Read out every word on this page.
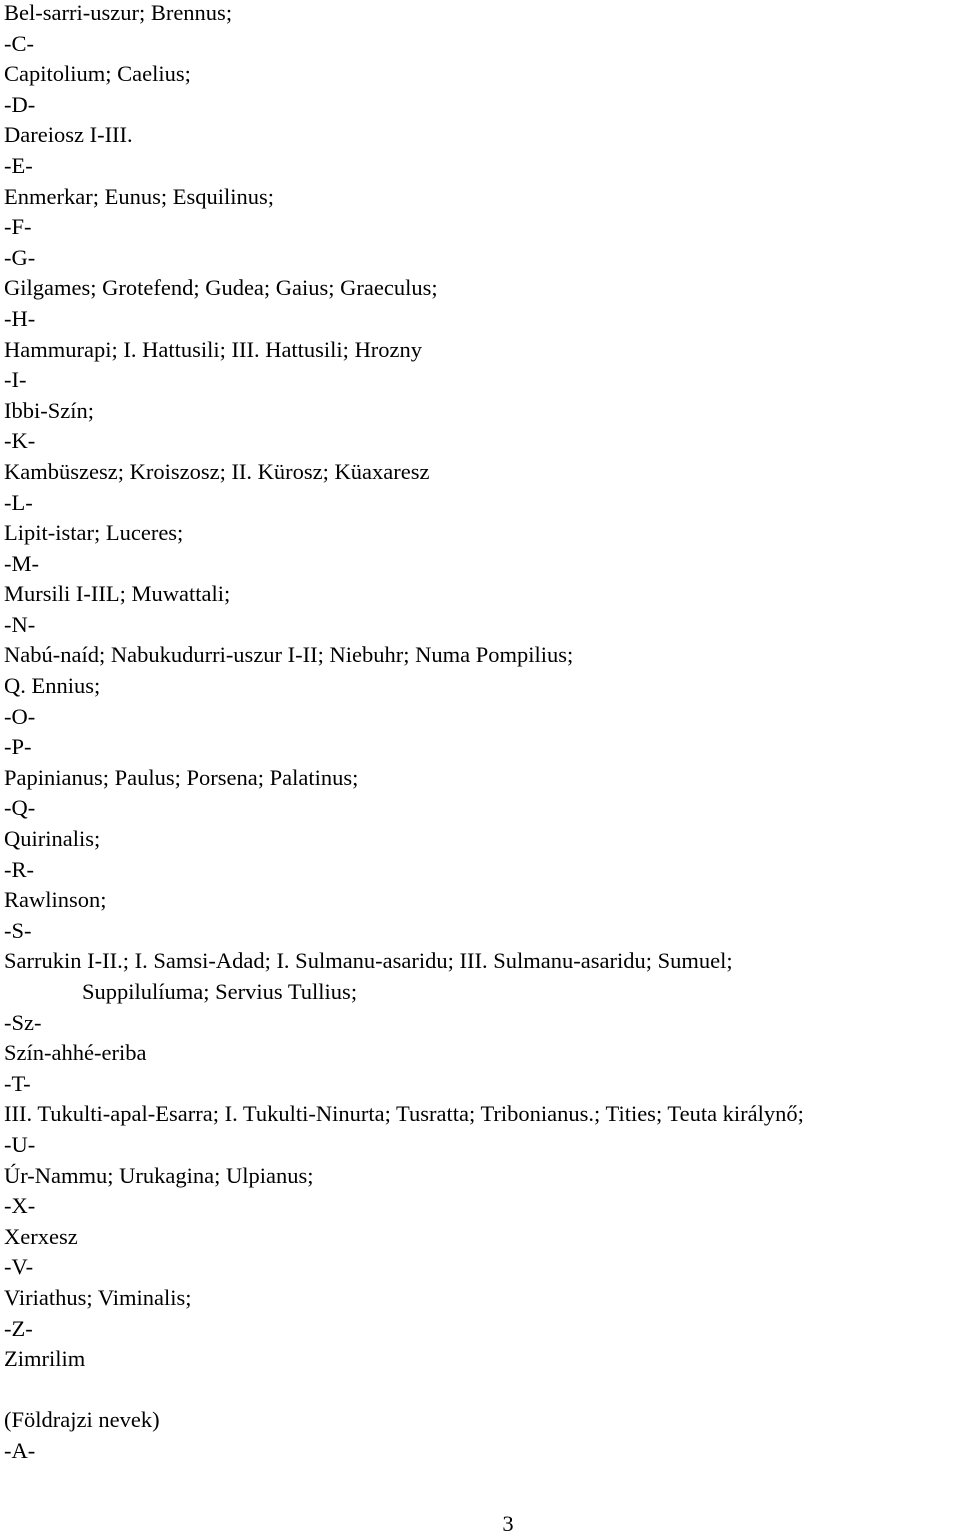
Bel-sarri-uszur; Brennus;
-C-
Capitolium; Caelius;
-D-
Dareiosz I-III.
-E-
Enmerkar; Eunus; Esquilinus;
-F-
-G-
Gilgames; Grotefend; Gudea; Gaius; Graeculus;
-H-
Hammurapi; I. Hattusili; III. Hattusili; Hrozny
-I-
Ibbi-Szín;
-K-
Kambüszesz; Kroiszosz; II. Kürosz; Küaxaresz
-L-
Lipit-istar; Luceres;
-M-
Mursili I-IIL; Muwattali;
-N-
Nabú-naíd; Nabukudurri-uszur I-II; Niebuhr; Numa Pompilius;
Q. Ennius;
-O-
-P-
Papinianus; Paulus; Porsena; Palatinus;
-Q-
Quirinalis;
-R-
Rawlinson;
-S-
Sarrukin I-II.; I. Samsi-Adad; I. Sulmanu-asaridu; III. Sulmanu-asaridu; Sumuel;
Suppilulíuma; Servius Tullius;
-Sz-
Szín-ahhé-eriba
-T-
III. Tukulti-apal-Esarra; I. Tukulti-Ninurta; Tusratta; Tribonianus.; Tities; Teuta királynő;
-U-
Úr-Nammu; Urukagina; Ulpianus;
-X-
Xerxesz
-V-
Viriathus; Viminalis;
-Z-
Zimrilim
(Földrajzi nevek)
-A-
3
